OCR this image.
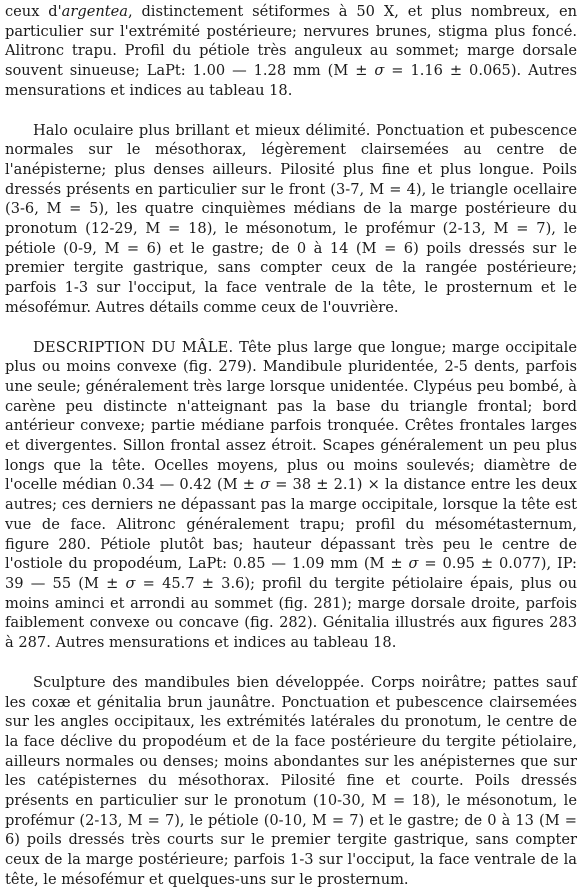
ceux d'argentea, distinctement sétiformes à 50 X, et plus nombreux, en particulier sur l'extrémité postérieure; nervures brunes, stigma plus foncé. Alitronc trapu. Profil du pétiole très anguleux au sommet; marge dorsale souvent sinueuse; LaPt: 1.00 — 1.28 mm (M ± σ = 1.16 ± 0.065). Autres mensurations et indices au tableau 18.

Halo oculaire plus brillant et mieux délimité. Ponctuation et pubescence normales sur le mésothorax, légèrement clairsemées au centre de l'anépisterne; plus denses ailleurs. Pilosité plus fine et plus longue. Poils dressés présents en particulier sur le front (3-7, M = 4), le triangle ocellaire (3-6, M = 5), les quatre cinquièmes médians de la marge postérieure du pronotum (12-29, M = 18), le mésonotum, le profémur (2-13, M = 7), le pétiole (0-9, M = 6) et le gastre; de 0 à 14 (M = 6) poils dressés sur le premier tergite gastrique, sans compter ceux de la rangée postérieure; parfois 1-3 sur l'occiput, la face ventrale de la tête, le prosternum et le mésofémur. Autres détails comme ceux de l'ouvrière.

DESCRIPTION DU MÂLE. Tête plus large que longue; marge occipitale plus ou moins convexe (fig. 279). Mandibule pluridentée, 2-5 dents, parfois une seule; généralement très large lorsque unidentée. Clypéus peu bombé, à carène peu distincte n'atteignant pas la base du triangle frontal; bord antérieur convexe; partie médiane parfois tronquée. Crêtes frontales larges et divergentes. Sillon frontal assez étroit. Scapes généralement un peu plus longs que la tête. Ocelles moyens, plus ou moins soulevés; diamètre de l'ocelle médian 0.34 — 0.42 (M ± σ = 38 ± 2.1) × la distance entre les deux autres; ces derniers ne dépassant pas la marge occipitale, lorsque la tête est vue de face. Alitronc généralement trapu; profil du mésométasternum, figure 280. Pétiole plutôt bas; hauteur dépassant très peu le centre de l'ostiole du propodéum, LaPt: 0.85 — 1.09 mm (M ± σ = 0.95 ± 0.077), IP: 39 — 55 (M ± σ = 45.7 ± 3.6); profil du tergite pétiolaire épais, plus ou moins aminci et arrondi au sommet (fig. 281); marge dorsale droite, parfois faiblement convexe ou concave (fig. 282). Génitalia illustrés aux figures 283 à 287. Autres mensurations et indices au tableau 18.

Sculpture des mandibules bien développée. Corps noirâtre; pattes sauf les coxæ et génitalia brun jaunâtre. Ponctuation et pubescence clairsemées sur les angles occipitaux, les extrémités latérales du pronotum, le centre de la face déclive du propodéum et de la face postérieure du tergite pétiolaire, ailleurs normales ou denses; moins abondantes sur les anépisternes que sur les catépisternes du mésothorax. Pilosité fine et courte. Poils dressés présents en particulier sur le pronotum (10-30, M = 18), le mésonotum, le profémur (2-13, M = 7), le pétiole (0-10, M = 7) et le gastre; de 0 à 13 (M = 6) poils dressés très courts sur le premier tergite gastrique, sans compter ceux de la marge postérieure; parfois 1-3 sur l'occiput, la face ventrale de la tête, le mésofémur et quelques-uns sur le prosternum.
